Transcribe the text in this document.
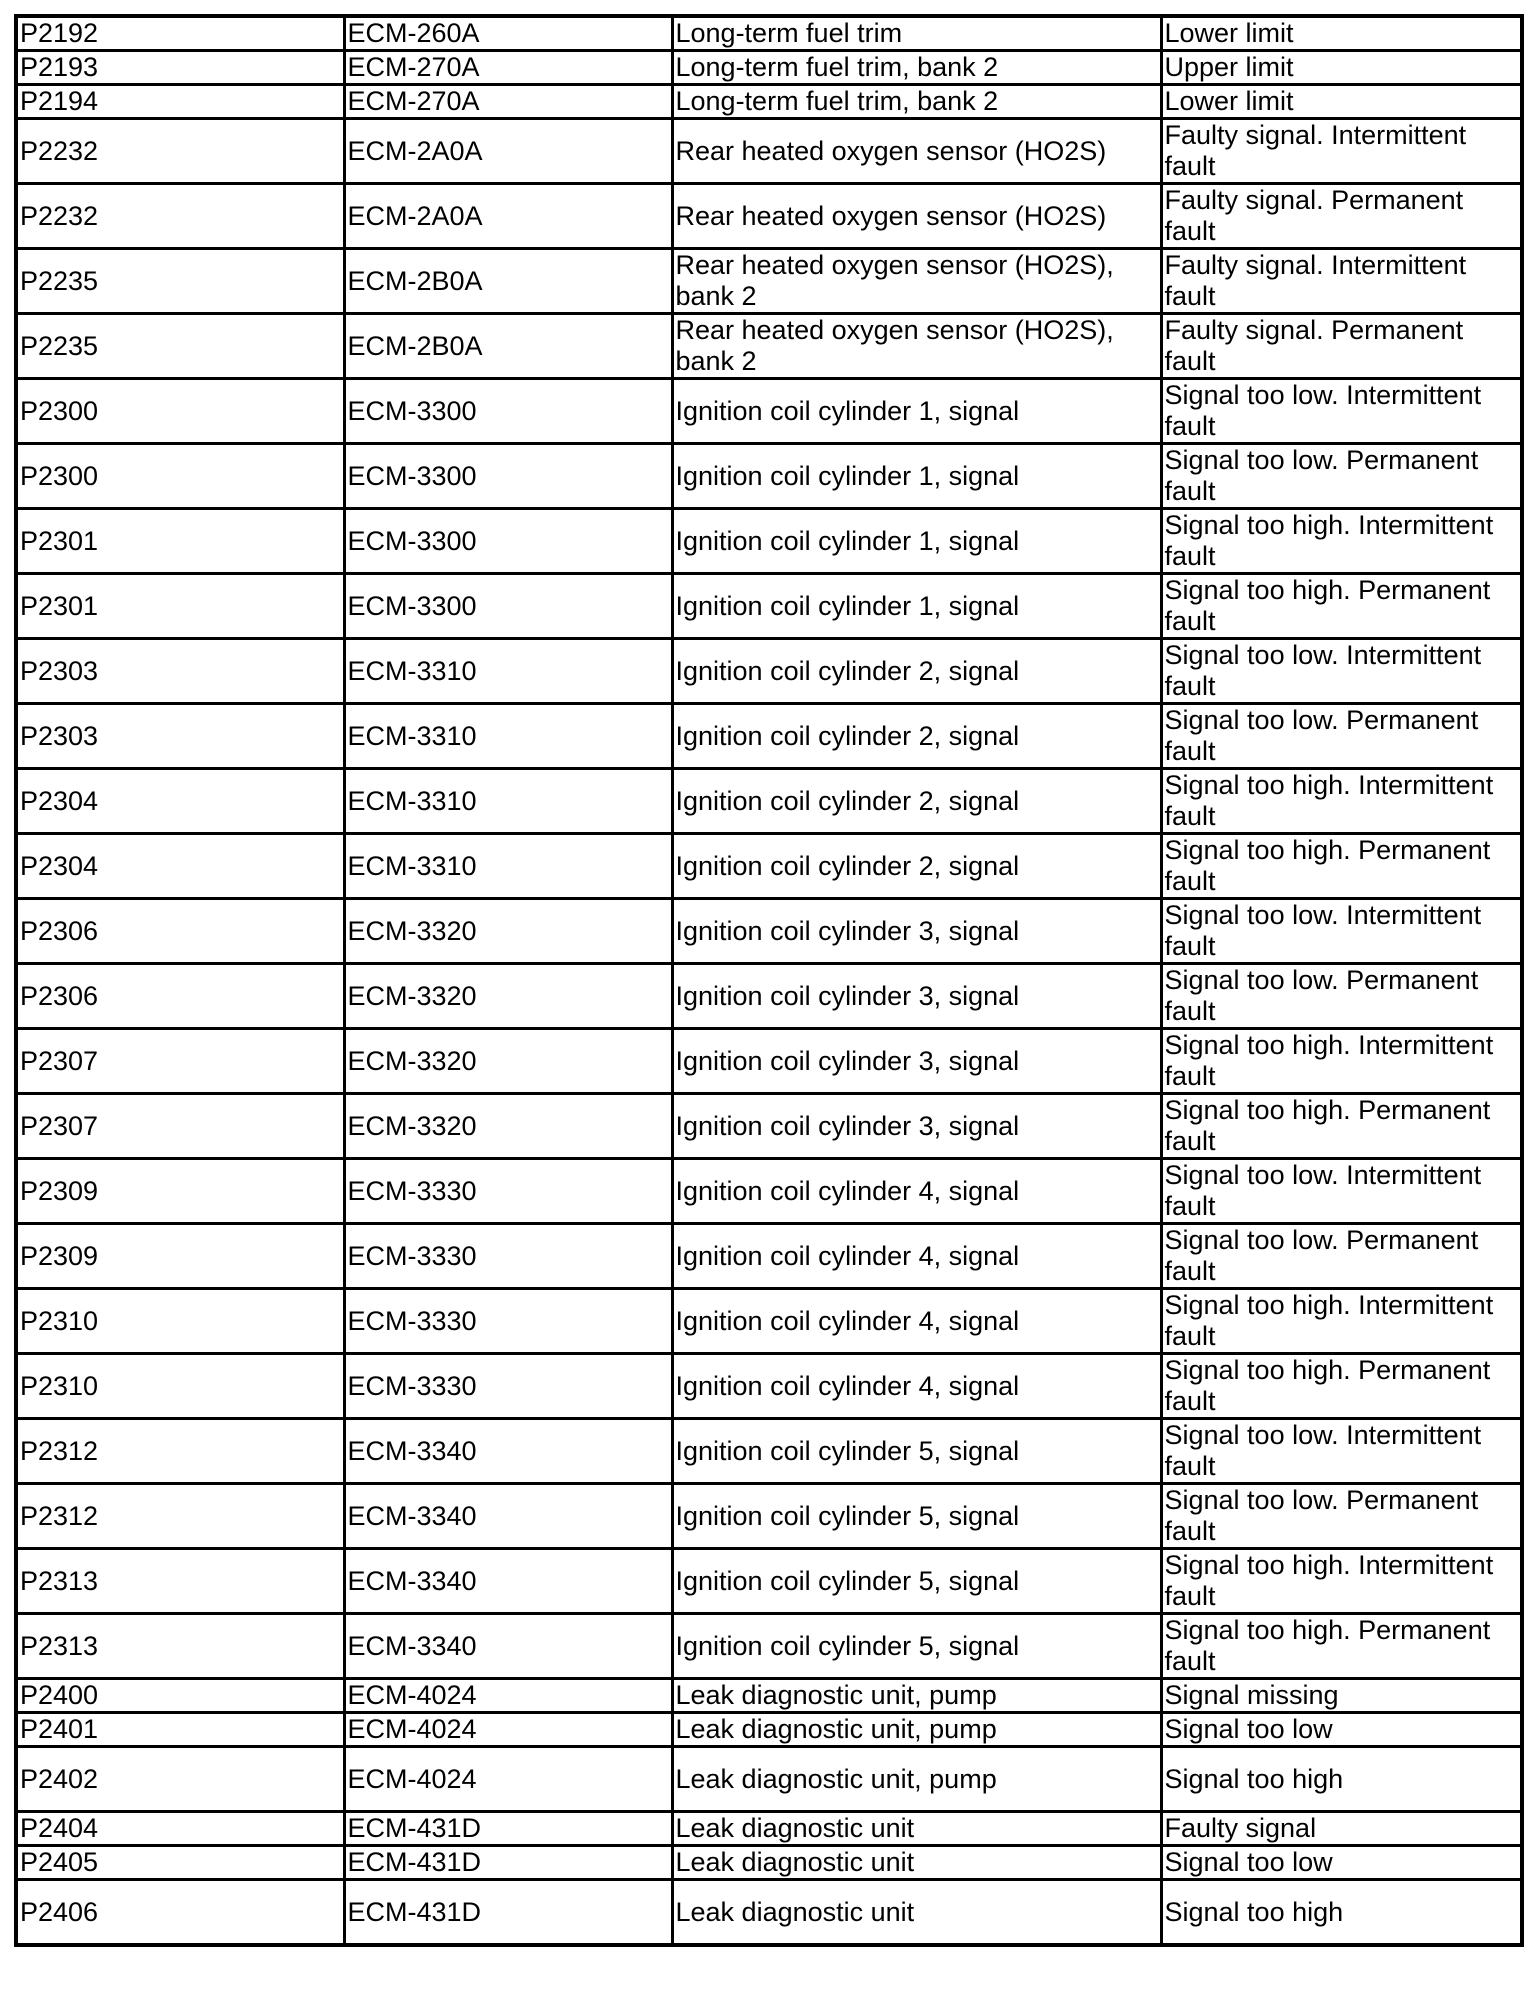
P2192	ECM-260A	Long-term fuel trim	Lower limit
P2193	ECM-270A	Long-term fuel trim, bank 2	Upper limit
P2194	ECM-270A	Long-term fuel trim, bank 2	Lower limit
P2232	ECM-2A0A	Rear heated oxygen sensor (HO2S)	Faulty signal. Intermittent fault
P2232	ECM-2A0A	Rear heated oxygen sensor (HO2S)	Faulty signal. Permanent fault
P2235	ECM-2B0A	Rear heated oxygen sensor (HO2S), bank 2	Faulty signal. Intermittent fault
P2235	ECM-2B0A	Rear heated oxygen sensor (HO2S), bank 2	Faulty signal. Permanent fault
P2300	ECM-3300	Ignition coil cylinder 1, signal	Signal too low. Intermittent fault
P2300	ECM-3300	Ignition coil cylinder 1, signal	Signal too low. Permanent fault
P2301	ECM-3300	Ignition coil cylinder 1, signal	Signal too high. Intermittent fault
P2301	ECM-3300	Ignition coil cylinder 1, signal	Signal too high. Permanent fault
P2303	ECM-3310	Ignition coil cylinder 2, signal	Signal too low. Intermittent fault
P2303	ECM-3310	Ignition coil cylinder 2, signal	Signal too low. Permanent fault
P2304	ECM-3310	Ignition coil cylinder 2, signal	Signal too high. Intermittent fault
P2304	ECM-3310	Ignition coil cylinder 2, signal	Signal too high. Permanent fault
P2306	ECM-3320	Ignition coil cylinder 3, signal	Signal too low. Intermittent fault
P2306	ECM-3320	Ignition coil cylinder 3, signal	Signal too low. Permanent fault
P2307	ECM-3320	Ignition coil cylinder 3, signal	Signal too high. Intermittent fault
P2307	ECM-3320	Ignition coil cylinder 3, signal	Signal too high. Permanent fault
P2309	ECM-3330	Ignition coil cylinder 4, signal	Signal too low. Intermittent fault
P2309	ECM-3330	Ignition coil cylinder 4, signal	Signal too low. Permanent fault
P2310	ECM-3330	Ignition coil cylinder 4, signal	Signal too high. Intermittent fault
P2310	ECM-3330	Ignition coil cylinder 4, signal	Signal too high. Permanent fault
P2312	ECM-3340	Ignition coil cylinder 5, signal	Signal too low. Intermittent fault
P2312	ECM-3340	Ignition coil cylinder 5, signal	Signal too low. Permanent fault
P2313	ECM-3340	Ignition coil cylinder 5, signal	Signal too high. Intermittent fault
P2313	ECM-3340	Ignition coil cylinder 5, signal	Signal too high. Permanent fault
P2400	ECM-4024	Leak diagnostic unit, pump	Signal missing
P2401	ECM-4024	Leak diagnostic unit, pump	Signal too low
P2402	ECM-4024	Leak diagnostic unit, pump	Signal too high
P2404	ECM-431D	Leak diagnostic unit	Faulty signal
P2405	ECM-431D	Leak diagnostic unit	Signal too low
P2406	ECM-431D	Leak diagnostic unit	Signal too high
